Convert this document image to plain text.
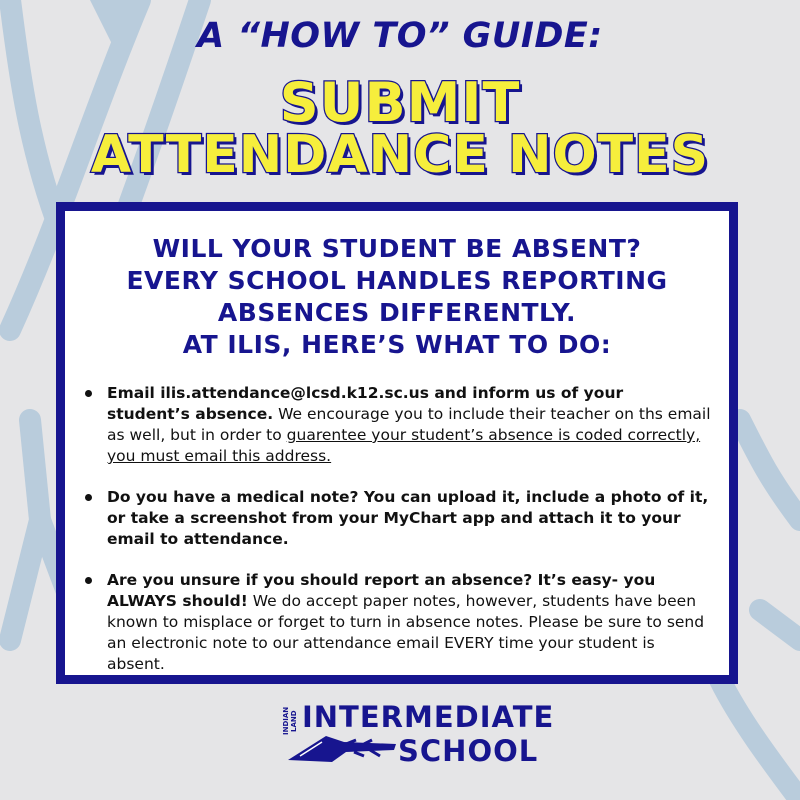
A “HOW TO” GUIDE:
SUBMIT
ATTENDANCE NOTES
WILL YOUR STUDENT BE ABSENT?
EVERY SCHOOL HANDLES REPORTING
ABSENCES DIFFERENTLY.
AT ILIS, HERE’S WHAT TO DO:
Email ilis.attendance@lcsd.k12.sc.us and inform us of your student’s absence. We encourage you to include their teacher on ths email as well, but in order to guarentee your student’s absence is coded correctly, you must email this address.
Do you have a medical note? You can upload it, include a photo of it, or take a screenshot from your MyChart app and attach it to your email to attendance.
Are you unsure if you should report an absence? It’s easy- you ALWAYS should! We do accept paper notes, however, students have been known to misplace or forget to turn in absence notes. Please be sure to send an electronic note to our attendance email EVERY time your student is absent.
INDIAN LAND INTERMEDIATE
SCHOOL
